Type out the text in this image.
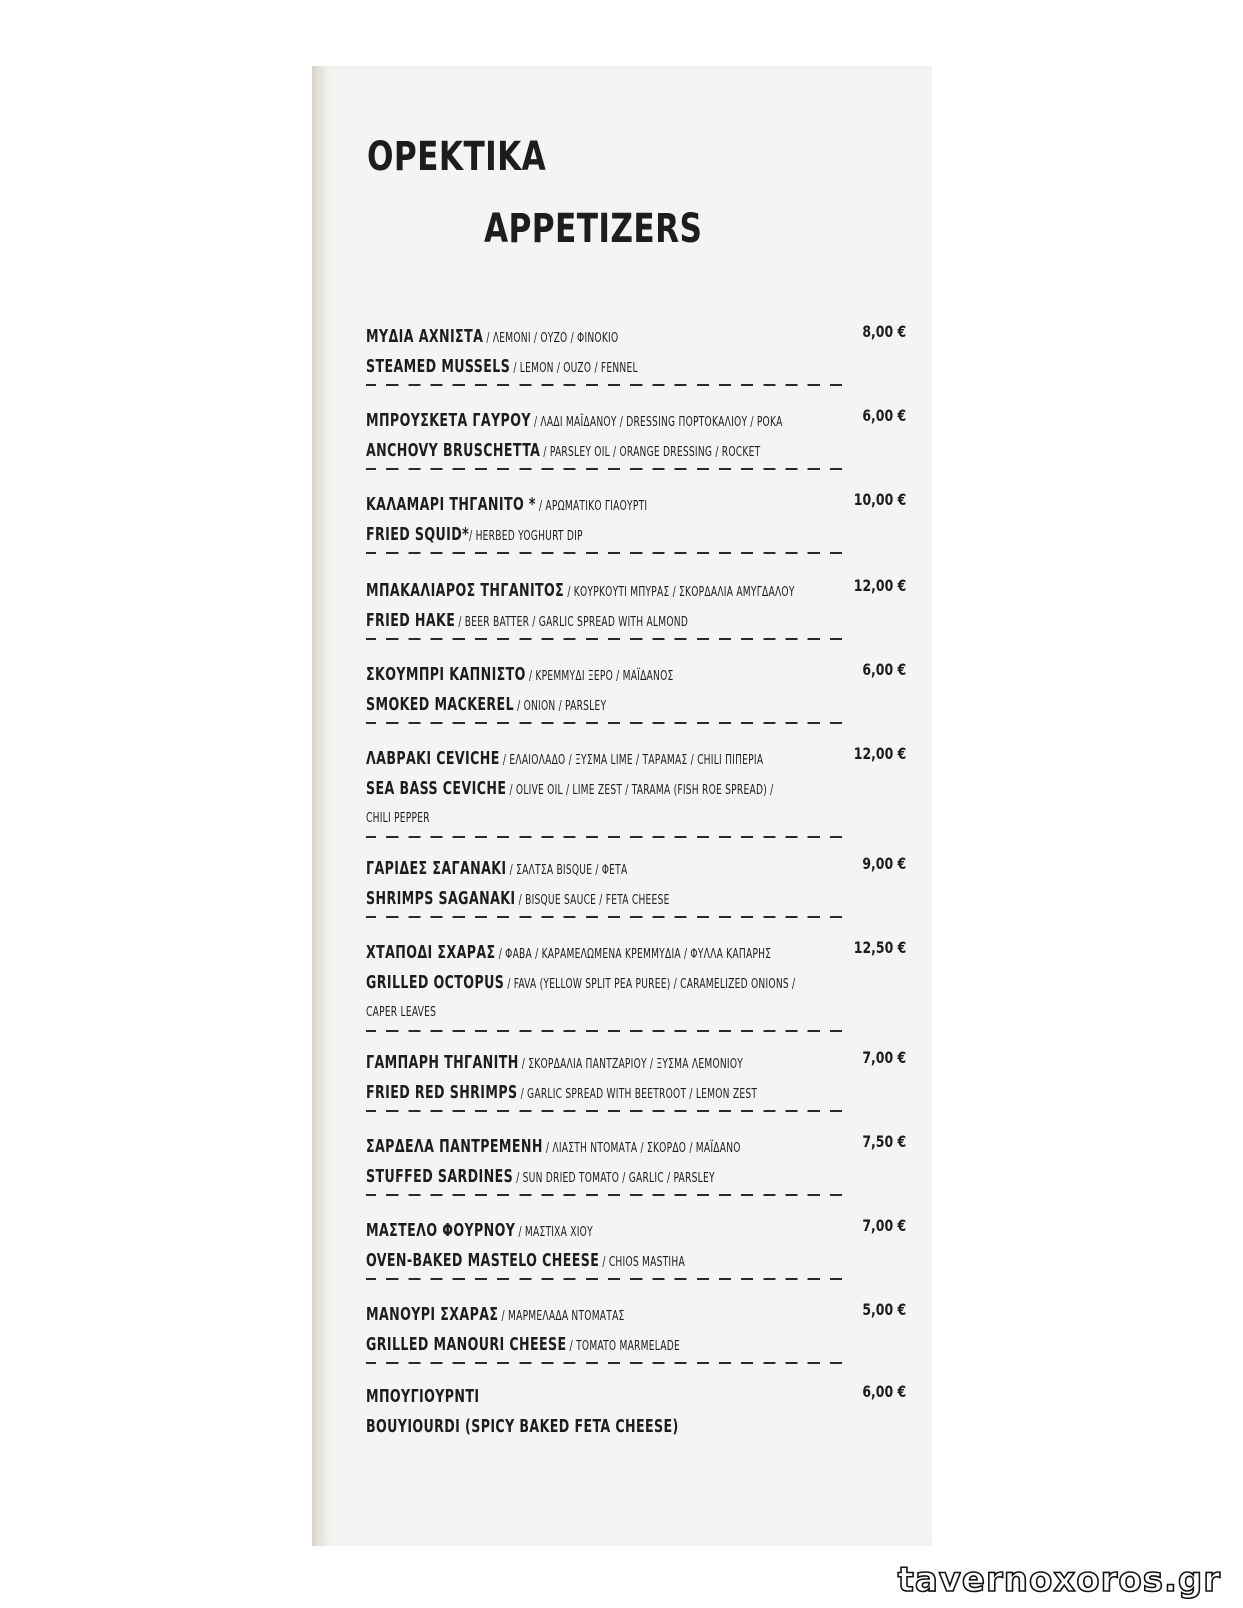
ΟΡΕΚΤΙΚΑ
APPETIZERS
ΜΥΔΙΑ ΑΧΝΙΣΤΑ / ΛΕΜΟΝΙ / ΟΥΖΟ / ΦΙΝΟΚΙΟ
STEAMED MUSSELS / LEMON / OUZO / FENNEL
8,00 €
ΜΠΡΟΥΣΚΕΤΑ ΓΑΥΡΟΥ / ΛΑΔΙ ΜΑΪΔΑΝΟΥ / DRESSING ΠΟΡΤΟΚΑΛΙΟΥ / ΡΟΚΑ
ANCHOVY BRUSCHETTA / PARSLEY OIL / ORANGE DRESSING / ROCKET
6,00 €
ΚΑΛΑΜΑΡΙ ΤΗΓΑΝΙΤΟ * / ΑΡΩΜΑΤΙΚΟ ΓΙΑΟΥΡΤΙ
FRIED SQUID*/ HERBED YOGHURT DIP
10,00 €
ΜΠΑΚΑΛΙΑΡΟΣ ΤΗΓΑΝΙΤΟΣ / ΚΟΥΡΚΟΥΤΙ ΜΠΥΡΑΣ / ΣΚΟΡΔΑΛΙΑ ΑΜΥΓΔΑΛΟΥ
FRIED HAKE / BEER BATTER / GARLIC SPREAD WITH ALMOND
12,00 €
ΣΚΟΥΜΠΡΙ ΚΑΠΝΙΣΤΟ / ΚΡΕΜΜΥΔΙ ΞΕΡΟ / ΜΑΪΔΑΝΟΣ
SMOKED MACKEREL / ONION / PARSLEY
6,00 €
ΛΑΒΡΑΚΙ CEVICHE / ΕΛΑΙΟΛΑΔΟ / ΞΥΣΜΑ LIME / ΤΑΡΑΜΑΣ / CHILI ΠΙΠΕΡΙΑ
SEA BASS CEVICHE / OLIVE OIL / LIME ZEST / TARAMA (FISH ROE SPREAD) /
CHILI PEPPER
12,00 €
ΓΑΡΙΔΕΣ ΣΑΓΑΝΑΚΙ / ΣΑΛΤΣΑ BISQUE / ΦΕΤΑ
SHRIMPS SAGANAKI / BISQUE SAUCE / FETA CHEESE
9,00 €
ΧΤΑΠΟΔΙ ΣΧΑΡΑΣ / ΦΑΒΑ / ΚΑΡΑΜΕΛΩΜΕΝΑ ΚΡΕΜΜΥΔΙΑ / ΦΥΛΛΑ ΚΑΠΑΡΗΣ
GRILLED OCTOPUS / FAVA (YELLOW SPLIT PEA PUREE) / CARAMELIZED ONIONS /
CAPER LEAVES
12,50 €
ΓΑΜΠΑΡΗ ΤΗΓΑΝΙΤΗ / ΣΚΟΡΔΑΛΙΑ ΠΑΝΤΖΑΡΙΟΥ / ΞΥΣΜΑ ΛΕΜΟΝΙΟΥ
FRIED RED SHRIMPS / GARLIC SPREAD WITH BEETROOT / LEMON ZEST
7,00 €
ΣΑΡΔΕΛΑ ΠΑΝΤΡΕΜΕΝΗ / ΛΙΑΣΤΗ ΝΤΟΜΑΤΑ / ΣΚΟΡΔΟ / ΜΑΪΔΑΝΟ
STUFFED SARDINES / SUN DRIED TOMATO / GARLIC / PARSLEY
7,50 €
ΜΑΣΤΕΛΟ ΦΟΥΡΝΟΥ / ΜΑΣΤΙΧΑ ΧΙΟΥ
OVEN-BAKED MASTELO CHEESE / CHIOS MASTIHA
7,00 €
ΜΑΝΟΥΡΙ ΣΧΑΡΑΣ / ΜΑΡΜΕΛΑΔΑ ΝΤΟΜΑΤΑΣ
GRILLED MANOURI CHEESE / TOMATO MARMELADE
5,00 €
ΜΠΟΥΓΙΟΥΡΝΤΙ
BOUYIOURDI (SPICY BAKED FETA CHEESE)
6,00 €
tavernoxoros.gr
